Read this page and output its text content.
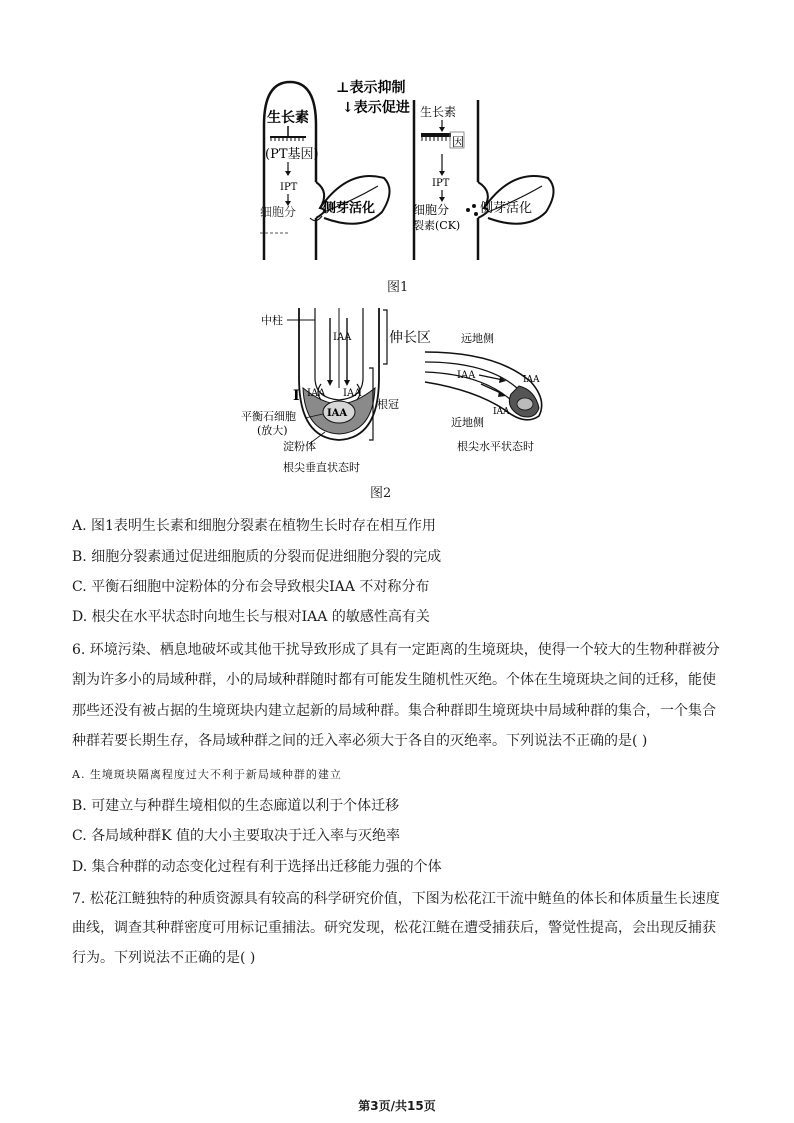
⊥表示抑制
↓表示促进
生长素
(PT基因)
IPT
细胞分 侧芽活化
生长素
因
IPT
细胞分
裂素(CK)
侧芽活化
图1
中柱
IAA
IAA
IAA IAA
I
伸长区
根冠
平衡石细胞
(放大)
淀粉体
根尖垂直状态时
远地侧
IAA	IAA
IAA
近地侧
根尖水平状态时
图2
A. 图1表明生长素和细胞分裂素在植物生长时存在相互作用
B. 细胞分裂素通过促进细胞质的分裂而促进细胞分裂的完成
C. 平衡石细胞中淀粉体的分布会导致根尖IAA 不对称分布
D. 根尖在水平状态时向地生长与根对IAA 的敏感性高有关
6. 环境污染、栖息地破坏或其他干扰导致形成了具有一定距离的生境斑块，使得一个较大的生物种群被分
割为许多小的局域种群，小的局域种群随时都有可能发生随机性灭绝。个体在生境斑块之间的迁移，能使
那些还没有被占据的生境斑块内建立起新的局域种群。集合种群即生境斑块中局域种群的集合，一个集合
种群若要长期生存，各局域种群之间的迁入率必须大于各自的灭绝率。下列说法不正确的是( )
A. 生境斑块隔离程度过大不利于新局域种群的建立
B. 可建立与种群生境相似的生态廊道以利于个体迁移
C. 各局域种群K 值的大小主要取决于迁入率与灭绝率
D. 集合种群的动态变化过程有利于选择出迁移能力强的个体
7. 松花江鲢独特的种质资源具有较高的科学研究价值，下图为松花江干流中鲢鱼的体长和体质量生长速度
曲线，调查其种群密度可用标记重捕法。研究发现，松花江鲢在遭受捕获后，警觉性提高，会出现反捕获
行为。下列说法不正确的是( )
第3页/共15页
